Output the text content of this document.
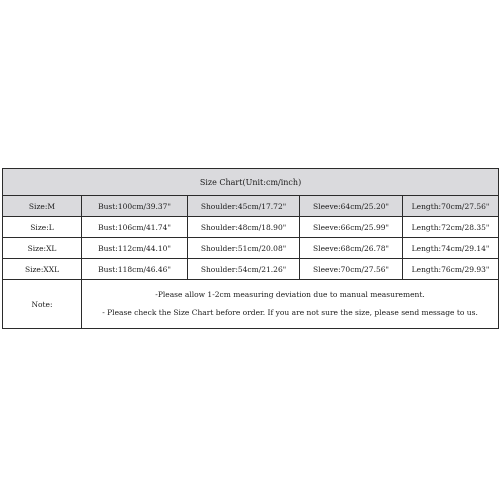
Size Chart(Unit:cm/inch)				
Size:M	Bust:100cm/39.37"	Shoulder:45cm/17.72"	Sleeve:64cm/25.20"	Length:70cm/27.56"
Size:L	Bust:106cm/41.74"	Shoulder:48cm/18.90"	Sleeve:66cm/25.99"	Length:72cm/28.35"
Size:XL	Bust:112cm/44.10"	Shoulder:51cm/20.08"	Sleeve:68cm/26.78"	Length:74cm/29.14"
Size:XXL	Bust:118cm/46.46"	Shoulder:54cm/21.26"	Sleeve:70cm/27.56"	Length:76cm/29.93"
Note:	-Please allow 1-2cm measuring deviation due to manual measurement.
- Please check the Size Chart before order. If you are not sure the size, please send message to us.			
